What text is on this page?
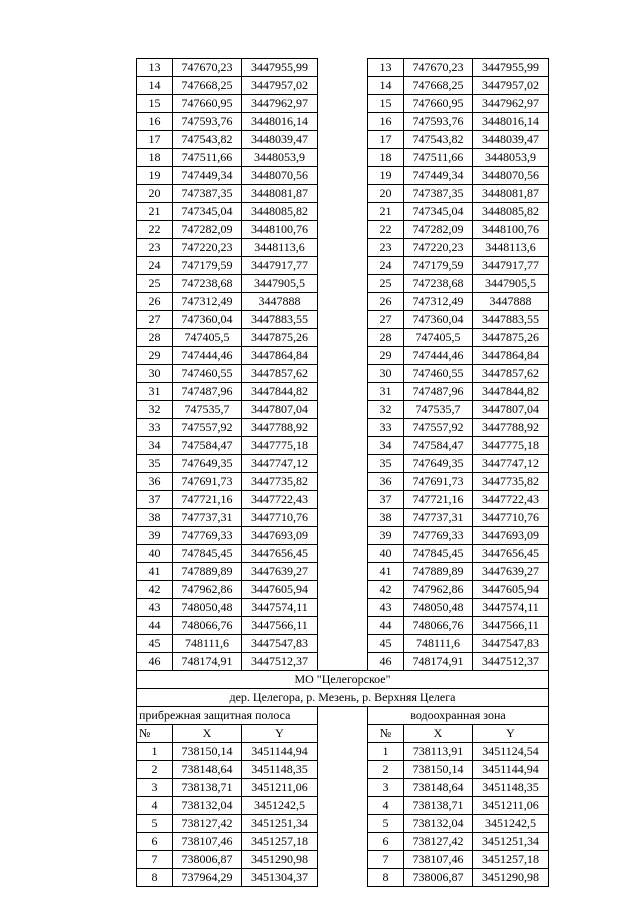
13	747670,23	3447955,99		13	747670,23	3447955,99
14	747668,25	3447957,02		14	747668,25	3447957,02
15	747660,95	3447962,97		15	747660,95	3447962,97
16	747593,76	3448016,14		16	747593,76	3448016,14
17	747543,82	3448039,47		17	747543,82	3448039,47
18	747511,66	3448053,9		18	747511,66	3448053,9
19	747449,34	3448070,56		19	747449,34	3448070,56
20	747387,35	3448081,87		20	747387,35	3448081,87
21	747345,04	3448085,82		21	747345,04	3448085,82
22	747282,09	3448100,76		22	747282,09	3448100,76
23	747220,23	3448113,6		23	747220,23	3448113,6
24	747179,59	3447917,77		24	747179,59	3447917,77
25	747238,68	3447905,5		25	747238,68	3447905,5
26	747312,49	3447888		26	747312,49	3447888
27	747360,04	3447883,55		27	747360,04	3447883,55
28	747405,5	3447875,26		28	747405,5	3447875,26
29	747444,46	3447864,84		29	747444,46	3447864,84
30	747460,55	3447857,62		30	747460,55	3447857,62
31	747487,96	3447844,82		31	747487,96	3447844,82
32	747535,7	3447807,04		32	747535,7	3447807,04
33	747557,92	3447788,92		33	747557,92	3447788,92
34	747584,47	3447775,18		34	747584,47	3447775,18
35	747649,35	3447747,12		35	747649,35	3447747,12
36	747691,73	3447735,82		36	747691,73	3447735,82
37	747721,16	3447722,43		37	747721,16	3447722,43
38	747737,31	3447710,76		38	747737,31	3447710,76
39	747769,33	3447693,09		39	747769,33	3447693,09
40	747845,45	3447656,45		40	747845,45	3447656,45
41	747889,89	3447639,27		41	747889,89	3447639,27
42	747962,86	3447605,94		42	747962,86	3447605,94
43	748050,48	3447574,11		43	748050,48	3447574,11
44	748066,76	3447566,11		44	748066,76	3447566,11
45	748111,6	3447547,83		45	748111,6	3447547,83
46	748174,91	3447512,37		46	748174,91	3447512,37
МО "Целегорское"						
дер. Целегора, р. Мезень, р. Верхняя Целега						
прибрежная защитная полоса				водоохранная зона		
№	X	Y		№	X	Y
1	738150,14	3451144,94		1	738113,91	3451124,54
2	738148,64	3451148,35		2	738150,14	3451144,94
3	738138,71	3451211,06		3	738148,64	3451148,35
4	738132,04	3451242,5		4	738138,71	3451211,06
5	738127,42	3451251,34		5	738132,04	3451242,5
6	738107,46	3451257,18		6	738127,42	3451251,34
7	738006,87	3451290,98		7	738107,46	3451257,18
8	737964,29	3451304,37		8	738006,87	3451290,98
